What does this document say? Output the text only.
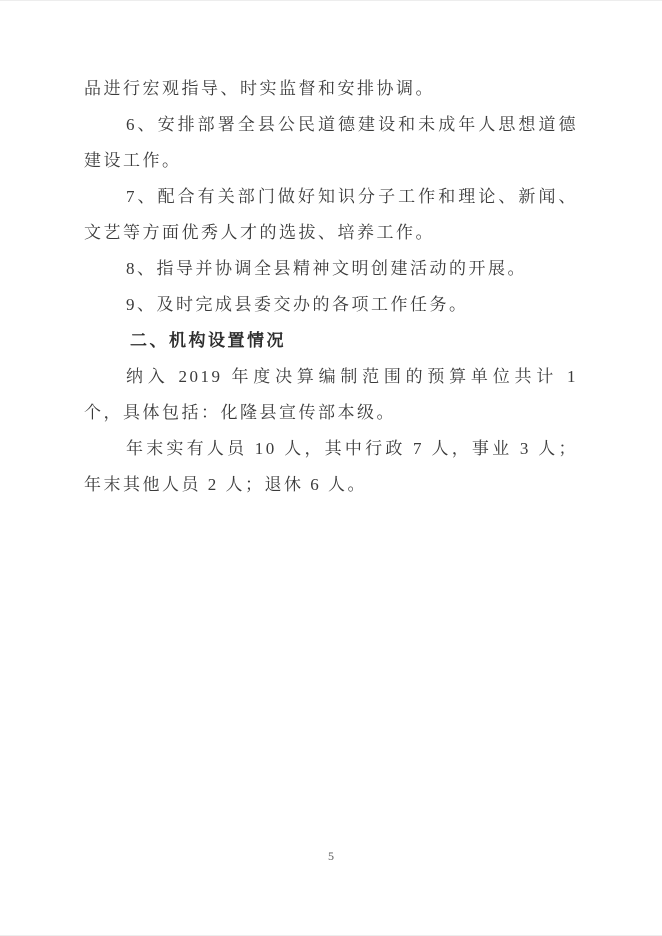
品进行宏观指导、时实监督和安排协调。

6、安排部署全县公民道德建设和未成年人思想道德建设工作。

7、配合有关部门做好知识分子工作和理论、新闻、文艺等方面优秀人才的选拔、培养工作。

8、指导并协调全县精神文明创建活动的开展。

9、及时完成县委交办的各项工作任务。

二、机构设置情况

纳入 2019 年度决算编制范围的预算单位共计 1 个，具体包括：化隆县宣传部本级。

年末实有人员 10 人，其中行政 7 人，事业 3 人；年末其他人员 2 人；退休 6 人。

5
